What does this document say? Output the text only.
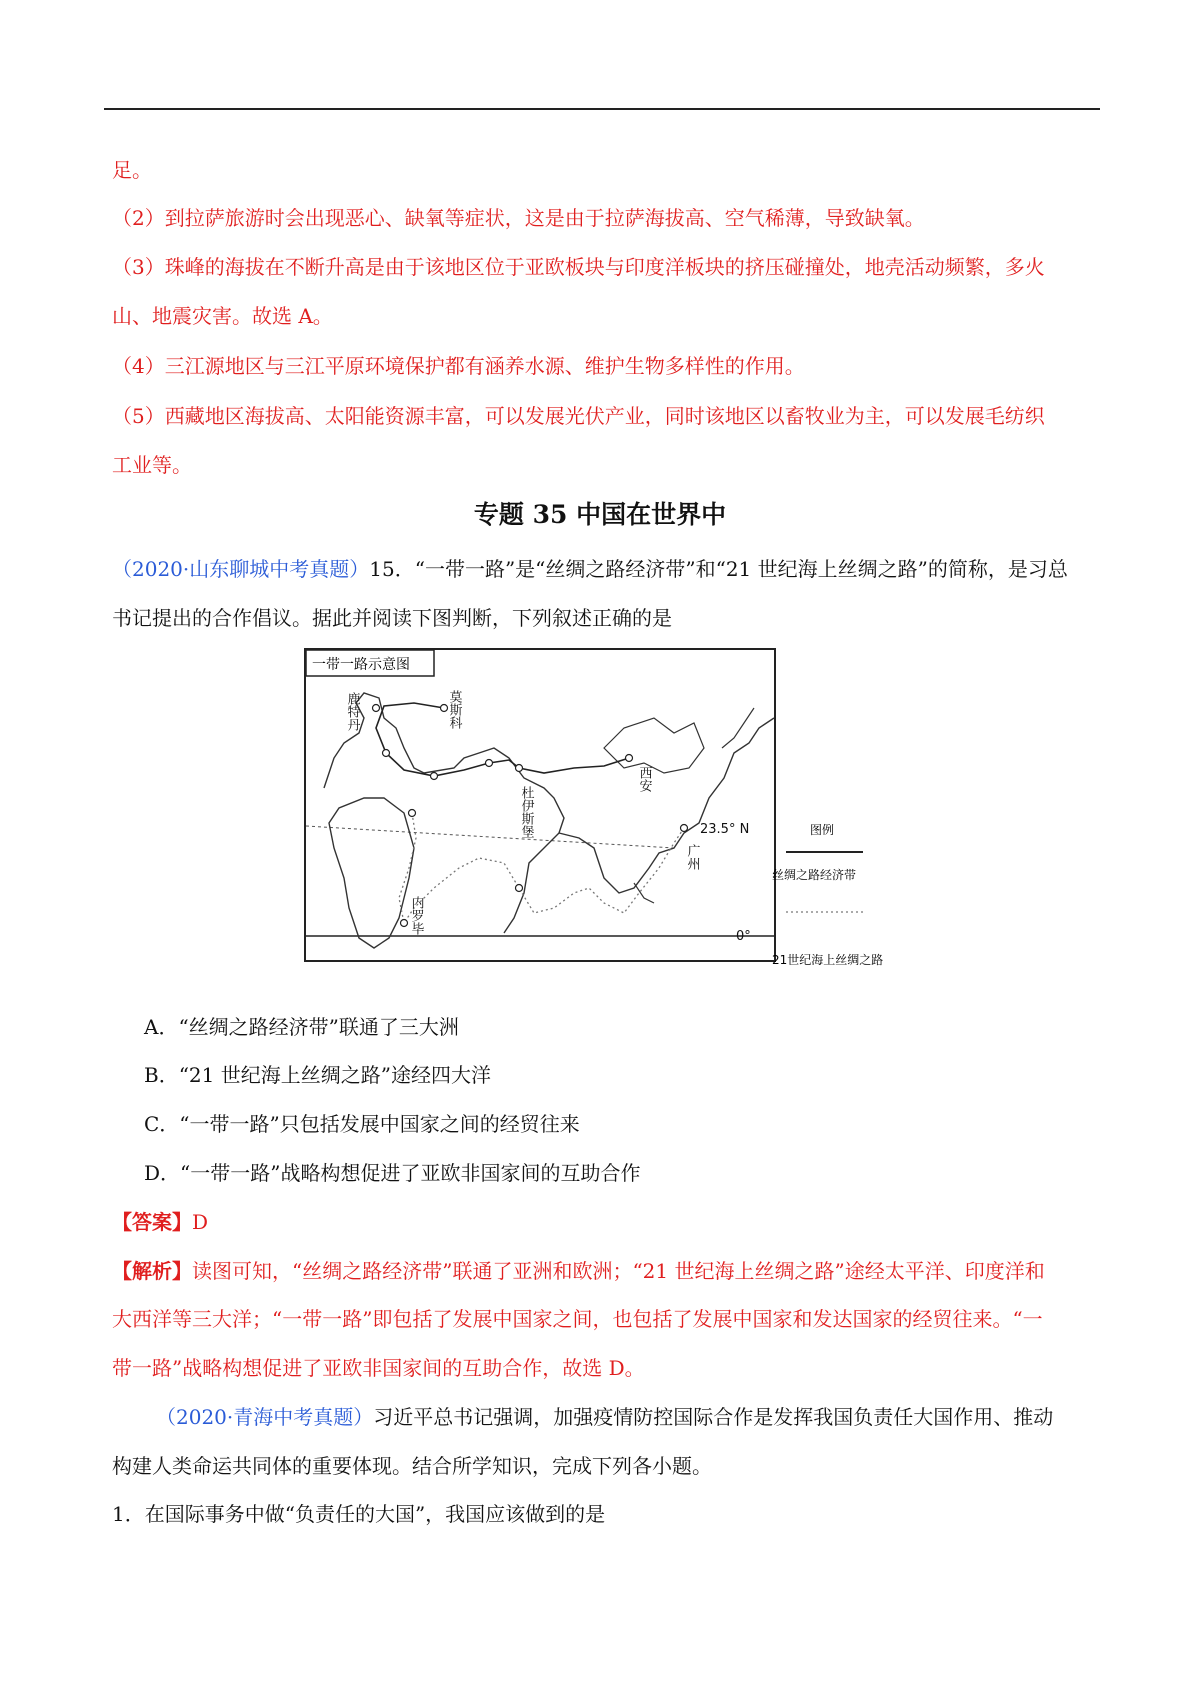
足。
（2）到拉萨旅游时会出现恶心、缺氧等症状，这是由于拉萨海拔高、空气稀薄，导致缺氧。
（3）珠峰的海拔在不断升高是由于该地区位于亚欧板块与印度洋板块的挤压碰撞处，地壳活动频繁，多火
山、地震灾害。故选 A。
（4）三江源地区与三江平原环境保护都有涵养水源、维护生物多样性的作用。
（5）西藏地区海拔高、太阳能资源丰富，可以发展光伏产业，同时该地区以畜牧业为主，可以发展毛纺织
工业等。
专题 35 中国在世界中
（2020·山东聊城中考真题）15．“一带一路”是“丝绸之路经济带”和“21 世纪海上丝绸之路”的简称，是习总
书记提出的合作倡议。据此并阅读下图判断，下列叙述正确的是
一带一路示意图
鹿特丹	莫斯科
杜伊斯堡
西安
广州
内罗毕
23.5° N
0°
图例
丝绸之路经济带
21世纪海上丝绸之路
A．“丝绸之路经济带”联通了三大洲
B．“21 世纪海上丝绸之路”途经四大洋
C．“一带一路”只包括发展中国家之间的经贸往来
D．“一带一路”战略构想促进了亚欧非国家间的互助合作
【答案】D
【解析】读图可知，“丝绸之路经济带”联通了亚洲和欧洲；“21 世纪海上丝绸之路”途经太平洋、印度洋和
大西洋等三大洋；“一带一路”即包括了发展中国家之间，也包括了发展中国家和发达国家的经贸往来。“一
带一路”战略构想促进了亚欧非国家间的互助合作，故选 D。
（2020·青海中考真题）习近平总书记强调，加强疫情防控国际合作是发挥我国负责任大国作用、推动
构建人类命运共同体的重要体现。结合所学知识，完成下列各小题。
1．在国际事务中做“负责任的大国”，我国应该做到的是
